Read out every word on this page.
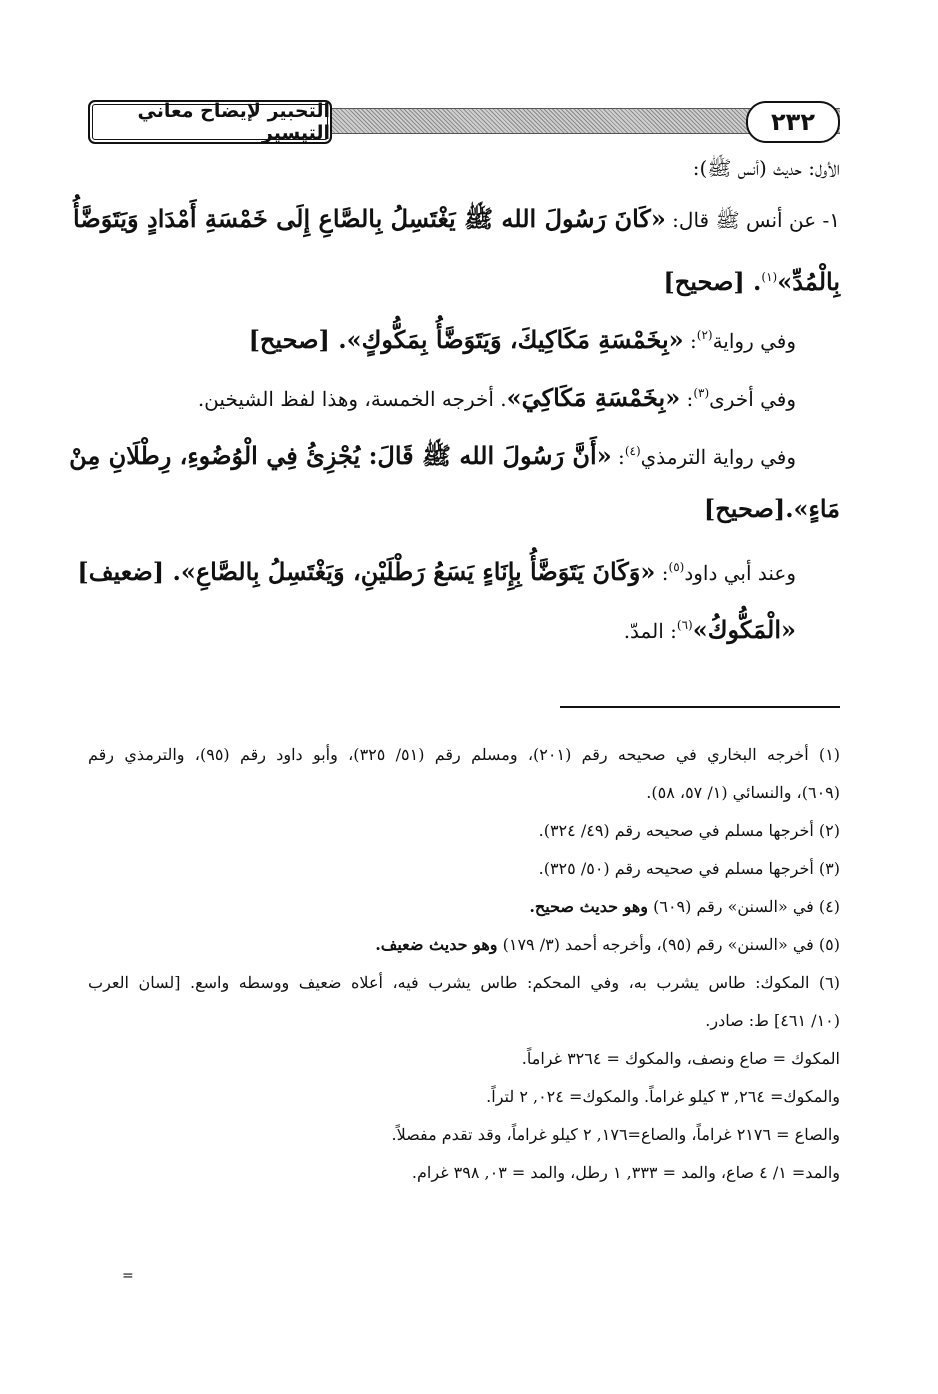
التحبير لإيضاح معاني التيسير	٢٣٢
الأول: حديث (أنس ﷺ):
١- عن أنس ﷺ قال: «كَانَ رَسُولَ الله ﷺ يَغْتَسِلُ بِالصَّاعِ إِلَى خَمْسَةِ أَمْدَادٍ وَيَتَوَضَّأُ
بِالْمُدِّ»$^{(١)}$. [صحيح]
وفي رواية$^{(٢)}$: «بِخَمْسَةِ مَكَاكِيكَ، وَيَتَوَضَّأُ بِمَكُّوكٍ». [صحيح]
وفي أخرى$^{(٣)}$: «بِخَمْسَةِ مَكَاكِيَ». أخرجه الخمسة، وهذا لفظ الشيخين.
وفي رواية الترمذي$^{(٤)}$: «أَنَّ رَسُولَ الله ﷺ قَالَ: يُجْزِئُ فِي الْوُضُوءِ، رِطْلَانِ مِنْ
مَاءٍ».[صحيح]
وعند أبي داود$^{(٥)}$: «وَكَانَ يَتَوَضَّأُ بِإِنَاءٍ يَسَعُ رَطْلَيْنِ، وَيَغْتَسِلُ بِالصَّاعِ». [ضعيف]
«الْمَكُّوكُ»$^{(٦)}$: المدّ.
(١) أخرجه البخاري في صحيحه رقم (٢٠١)، ومسلم رقم (٥١/ ٣٢٥)، وأبو داود رقم (٩٥)، والترمذي رقم
(٦٠٩)، والنسائي (١/ ٥٧، ٥٨).
(٢) أخرجها مسلم في صحيحه رقم (٤٩/ ٣٢٤).
(٣) أخرجها مسلم في صحيحه رقم (٥٠/ ٣٢٥).
(٤) في «السنن» رقم (٦٠٩) وهو حديث صحيح.
(٥) في «السنن» رقم (٩٥)، وأخرجه أحمد (٣/ ١٧٩) وهو حديث ضعيف.
(٦) المكوك: طاس يشرب به، وفي المحكم: طاس يشرب فيه، أعلاه ضعيف ووسطه واسع. [لسان العرب
(١٠/ ٤٦١] ط: صادر.
المكوك = صاع ونصف، والمكوك = ٣٢٦٤ غراماً.
والمكوك= ٢٦٤, ٣ كيلو غراماً. والمكوك= ٠٢٤, ٢ لتراً.
والصاع = ٢١٧٦ غراماً، والصاع=١٧٦, ٢ كيلو غراماً، وقد تقدم مفصلاً.
والمد= ١/ ٤ صاع، والمد = ٣٣٣, ١ رطل، والمد = ٠٣, ٣٩٨ غرام.
=
